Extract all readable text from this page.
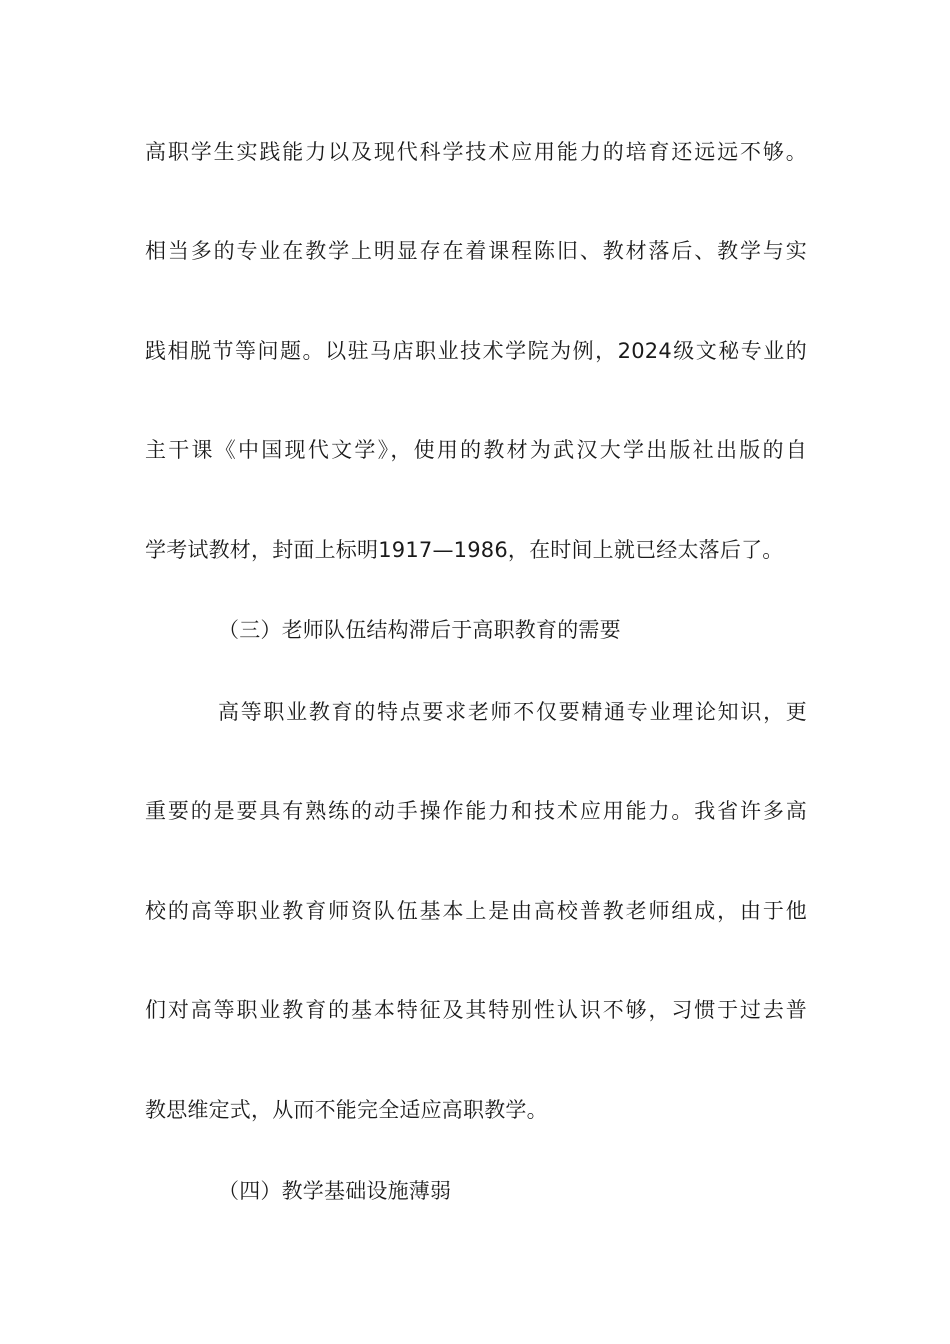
高职学生实践能力以及现代科学技术应用能力的培育还远远不够。
相当多的专业在教学上明显存在着课程陈旧、教材落后、教学与实
践相脱节等问题。以驻马店职业技术学院为例，2024级文秘专业的
主干课《中国现代文学》，使用的教材为武汉大学出版社出版的自
学考试教材，封面上标明1917—1986，在时间上就已经太落后了。
（三）老师队伍结构滞后于高职教育的需要
高等职业教育的特点要求老师不仅要精通专业理论知识，更
重要的是要具有熟练的动手操作能力和技术应用能力。我省许多高
校的高等职业教育师资队伍基本上是由高校普教老师组成，由于他
们对高等职业教育的基本特征及其特别性认识不够，习惯于过去普
教思维定式，从而不能完全适应高职教学。
（四）教学基础设施薄弱
